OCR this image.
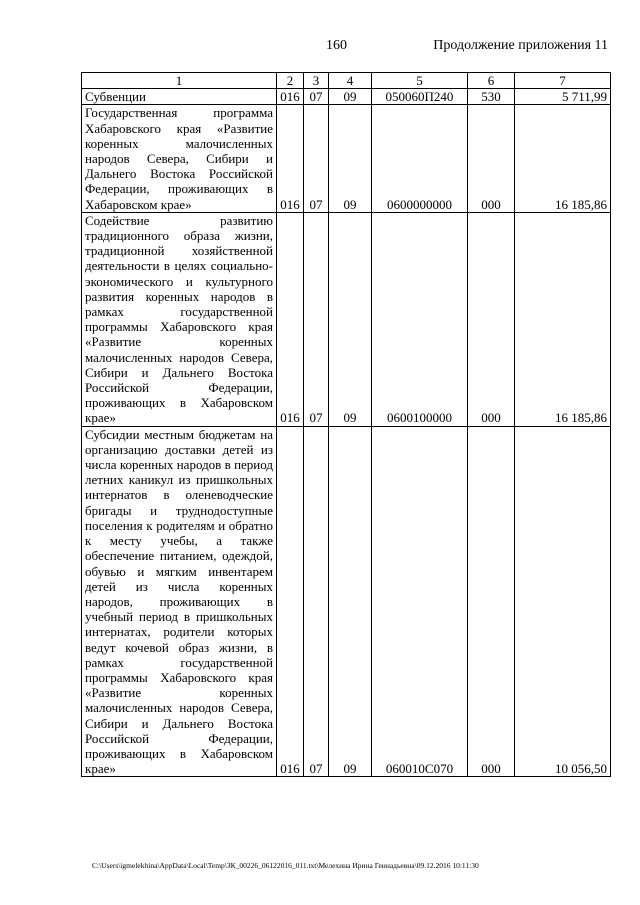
160	Продолжение приложения 11
1	2	3	4	5	6	7
Субвенции	016	07	09	050060П240	530	5 711,99
Государственная программа Хабаровского края «Развитие коренных малочисленных народов Севера, Сибири и Дальнего Востока Российской Федерации, проживающих в Хабаровском крае»	016	07	09	0600000000	000	16 185,86
Содействие развитию традиционного образа жизни, традиционной хозяйственной деятельности в целях социально-экономического и культурного развития коренных народов в рамках государственной программы Хабаровского края «Развитие коренных малочисленных народов Севера, Сибири и Дальнего Востока Российской Федерации, проживающих в Хабаровском крае»	016	07	09	0600100000	000	16 185,86
Субсидии местным бюджетам на организацию доставки детей из числа коренных народов в период летних каникул из пришкольных интернатов в оленеводческие бригады и труднодоступные поселения к родителям и обратно к месту учебы, а также обеспечение питанием, одеждой, обувью и мягким инвентарем детей из числа коренных народов, проживающих в учебный период в пришкольных интернатах, родители которых ведут кочевой образ жизни, в рамках государственной программы Хабаровского края «Развитие коренных малочисленных народов Севера, Сибири и Дальнего Востока Российской Федерации, проживающих в Хабаровском крае»	016	07	09	060010С070	000	10 056,50
C:\Users\igmelekhina\AppData\Local\Temp\ЗК_00226_06122016_011.txt\Мелехина Ирина Геннадьевна\09.12.2016 10:11:30
